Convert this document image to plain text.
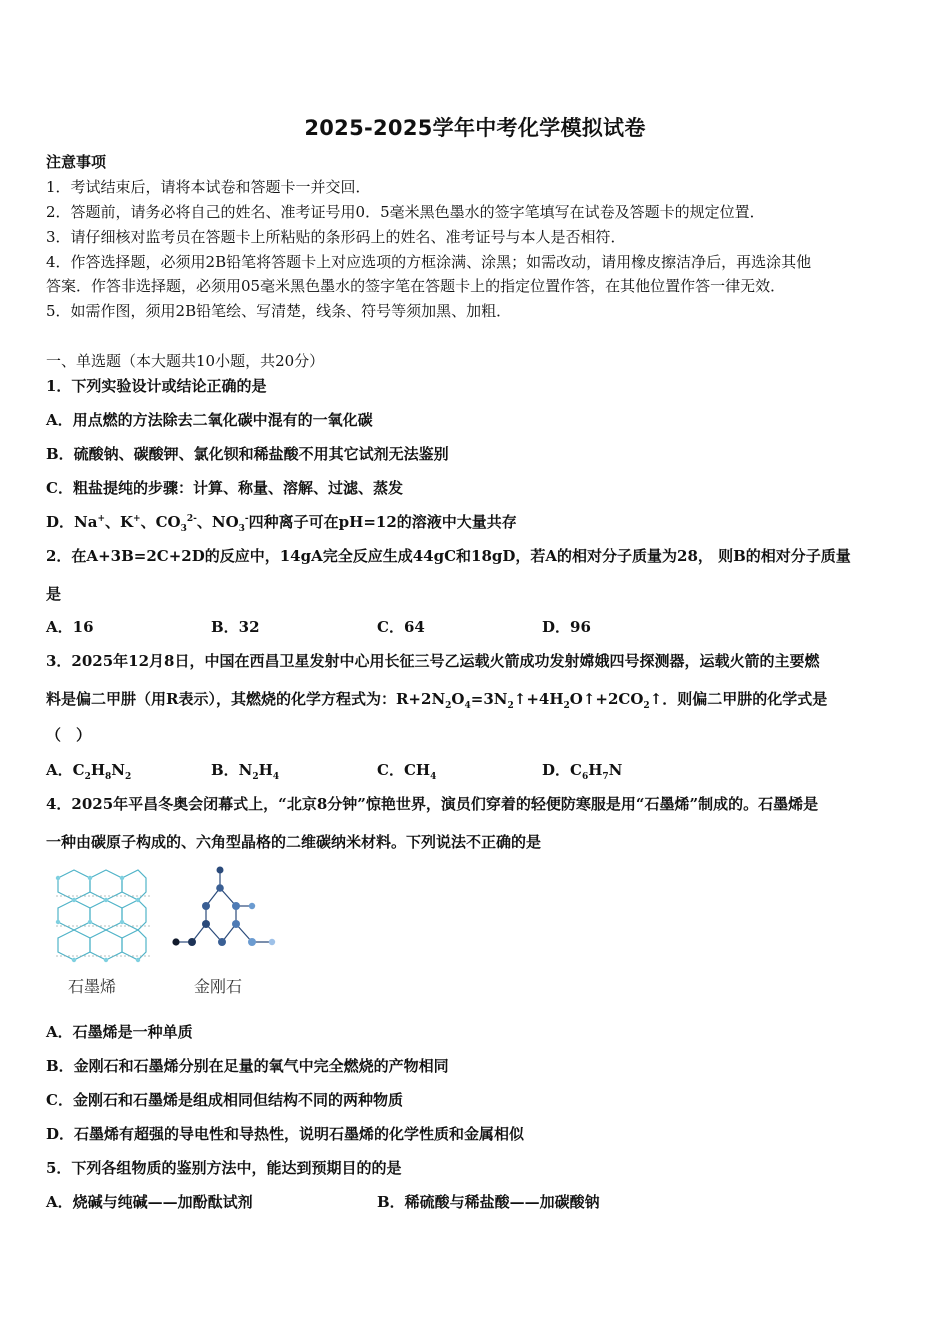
2025-2025学年中考化学模拟试卷
注意事项
1．考试结束后，请将本试卷和答题卡一并交回．
2．答题前，请务必将自己的姓名、准考证号用0．5毫米黑色墨水的签字笔填写在试卷及答题卡的规定位置．
3．请仔细核对监考员在答题卡上所粘贴的条形码上的姓名、准考证号与本人是否相符．
4．作答选择题，必须用2B铅笔将答题卡上对应选项的方框涂满、涂黑；如需改动，请用橡皮擦洁净后，再选涂其他
答案．作答非选择题，必须用05毫米黑色墨水的签字笔在答题卡上的指定位置作答，在其他位置作答一律无效．
5．如需作图，须用2B铅笔绘、写清楚，线条、符号等须加黑、加粗．
一、单选题（本大题共10小题，共20分）
1．下列实验设计或结论正确的是
A．用点燃的方法除去二氧化碳中混有的一氧化碳
B．硫酸钠、碳酸钾、氯化钡和稀盐酸不用其它试剂无法鉴别
C．粗盐提纯的步骤：计算、称量、溶解、过滤、蒸发
D．Na+、K+、$CO_3^{2-}$、$NO_3^-$四种离子可在pH=12的溶液中大量共存
2．在A+3B=2C+2D的反应中，14gA完全反应生成44gC和18gD，若A的相对分子质量为28， 则B的相对分子质量
是
A．16	B．32	C．64	D．96
3．2025年12月8日，中国在西昌卫星发射中心用长征三号乙运载火箭成功发射嫦娥四号探测器，运载火箭的主要燃
料是偏二甲肼（用R表示），其燃烧的化学方程式为：$R+2N_2O_4=3N_2↑+4H_2O↑+2CO_2↑$．则偏二甲肼的化学式是
（　）
A．$C_2H_8N_2$	B．$N_2H_4$	C．$CH_4$	D．$C_6H_7N$
4．2025年平昌冬奥会闭幕式上，“北京8分钟”惊艳世界，演员们穿着的轻便防寒服是用“石墨烯”制成的。石墨烯是
一种由碳原子构成的、六角型晶格的二维碳纳米材料。下列说法不正确的是
石墨烯	金刚石
A．石墨烯是一种单质
B．金刚石和石墨烯分别在足量的氧气中完全燃烧的产物相同
C．金刚石和石墨烯是组成相同但结构不同的两种物质
D．石墨烯有超强的导电性和导热性，说明石墨烯的化学性质和金属相似
5．下列各组物质的鉴别方法中，能达到预期目的的是
A．烧碱与纯碱——加酚酞试剂	B．稀硫酸与稀盐酸——加碳酸钠
